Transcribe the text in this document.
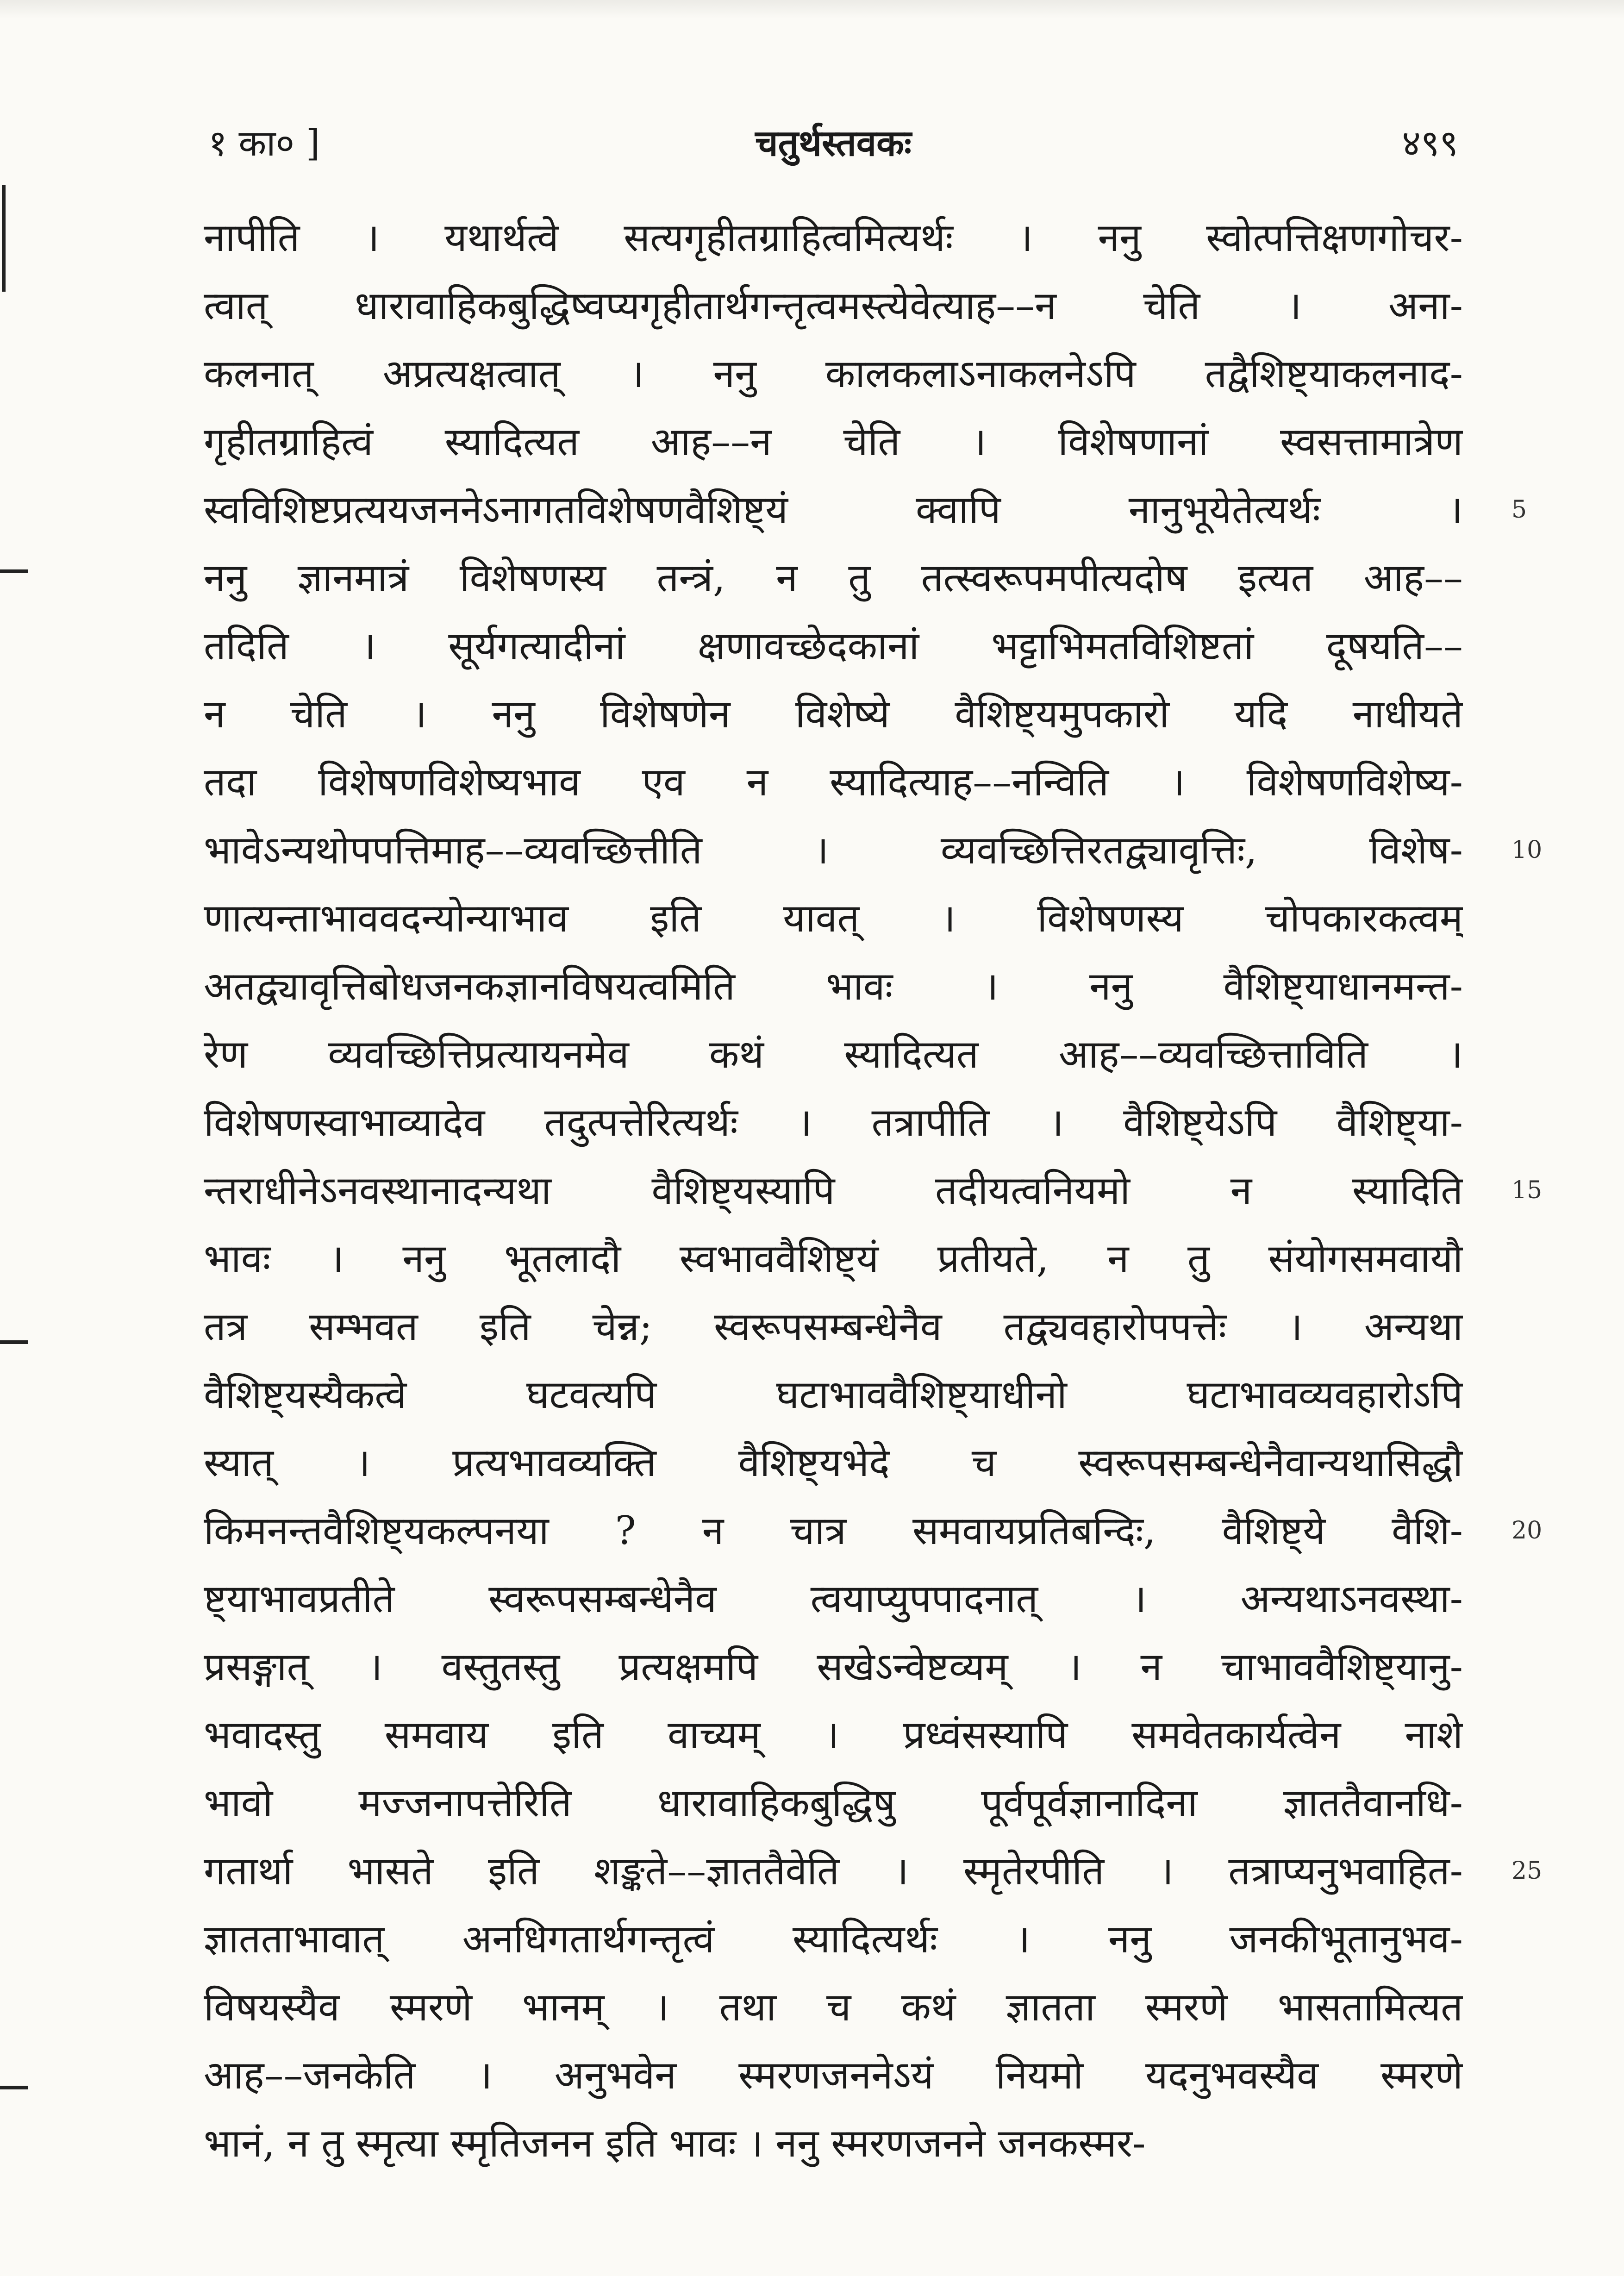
१ का० ]	चतुर्थस्तवकः	४९९
नापीति । यथार्थत्वे सत्यगृहीतग्राहित्वमित्यर्थः । ननु स्वोत्पत्तिक्षणगोचर-
त्वात् धारावाहिकबुद्धिष्वप्यगृहीतार्थगन्तृत्वमस्त्येवेत्याह––न चेति । अना-
कलनात् अप्रत्यक्षत्वात् । ननु कालकलाऽनाकलनेऽपि तद्वैशिष्ट्याकलनाद-
गृहीतग्राहित्वं स्यादित्यत आह––न चेति । विशेषणानां स्वसत्तामात्रेण
स्वविशिष्टप्रत्ययजननेऽनागतविशेषणवैशिष्ट्यं क्वापि नानुभूयेतेत्यर्थः ।
ननु ज्ञानमात्रं विशेषणस्य तन्त्रं, न तु तत्स्वरूपमपीत्यदोष इत्यत आह––
तदिति । सूर्यगत्यादीनां क्षणावच्छेदकानां भट्टाभिमतविशिष्टतां दूषयति––
न चेति । ननु विशेषणेन विशेष्ये वैशिष्ट्यमुपकारो यदि नाधीयते
तदा विशेषणविशेष्यभाव एव न स्यादित्याह––नन्विति । विशेषणविशेष्य-
भावेऽन्यथोपपत्तिमाह––व्यवच्छित्तीति । व्यवच्छित्तिरतद्व्यावृत्तिः, विशेष-
णात्यन्ताभाववदन्योन्याभाव इति यावत् । विशेषणस्य चोपकारकत्वम्
अतद्व्यावृत्तिबोधजनकज्ञानविषयत्वमिति भावः । ननु वैशिष्ट्याधानमन्त-
रेण व्यवच्छित्तिप्रत्यायनमेव कथं स्यादित्यत आह––व्यवच्छित्ताविति ।
विशेषणस्वाभाव्यादेव तदुत्पत्तेरित्यर्थः । तत्रापीति । वैशिष्ट्येऽपि वैशिष्ट्या-
न्तराधीनेऽनवस्थानादन्यथा वैशिष्ट्यस्यापि तदीयत्वनियमो न स्यादिति
भावः । ननु भूतलादौ स्वभाववैशिष्ट्यं प्रतीयते, न तु संयोगसमवायौ
तत्र सम्भवत इति चेन्न; स्वरूपसम्बन्धेनैव तद्व्यवहारोपपत्तेः । अन्यथा
वैशिष्ट्यस्यैकत्वे घटवत्यपि घटाभाववैशिष्ट्याधीनो घटाभावव्यवहारोऽपि
स्यात् । प्रत्यभावव्यक्ति वैशिष्ट्यभेदे च स्वरूपसम्बन्धेनैवान्यथासिद्धौ
किमनन्तवैशिष्ट्यकल्पनया ? न चात्र समवायप्रतिबन्दिः, वैशिष्ट्ये वैशि-
ष्ट्याभावप्रतीते स्वरूपसम्बन्धेनैव त्वयाप्युपपादनात् । अन्यथाऽनवस्था-
प्रसङ्गात् । वस्तुतस्तु प्रत्यक्षमपि सखेऽन्वेष्टव्यम् । न चाभाववैशिष्ट्यानु-
भवादस्तु समवाय इति वाच्यम् । प्रध्वंसस्यापि समवेतकार्यत्वेन नाशे
भावो मज्जनापत्तेरिति धारावाहिकबुद्धिषु पूर्वपूर्वज्ञानादिना ज्ञाततैवानधि-
गतार्था भासते इति शङ्कते––ज्ञाततैवेति । स्मृतेरपीति । तत्राप्यनुभवाहित-
ज्ञातताभावात् अनधिगतार्थगन्तृत्वं स्यादित्यर्थः । ननु जनकीभूतानुभव-
विषयस्यैव स्मरणे भानम् । तथा च कथं ज्ञातता स्मरणे भासतामित्यत
आह––जनकेति । अनुभवेन स्मरणजननेऽयं नियमो यदनुभवस्यैव स्मरणे
भानं, न तु स्मृत्या स्मृतिजनन इति भावः । ननु स्मरणजनने जनकस्मर-
5
10
15
20
25
